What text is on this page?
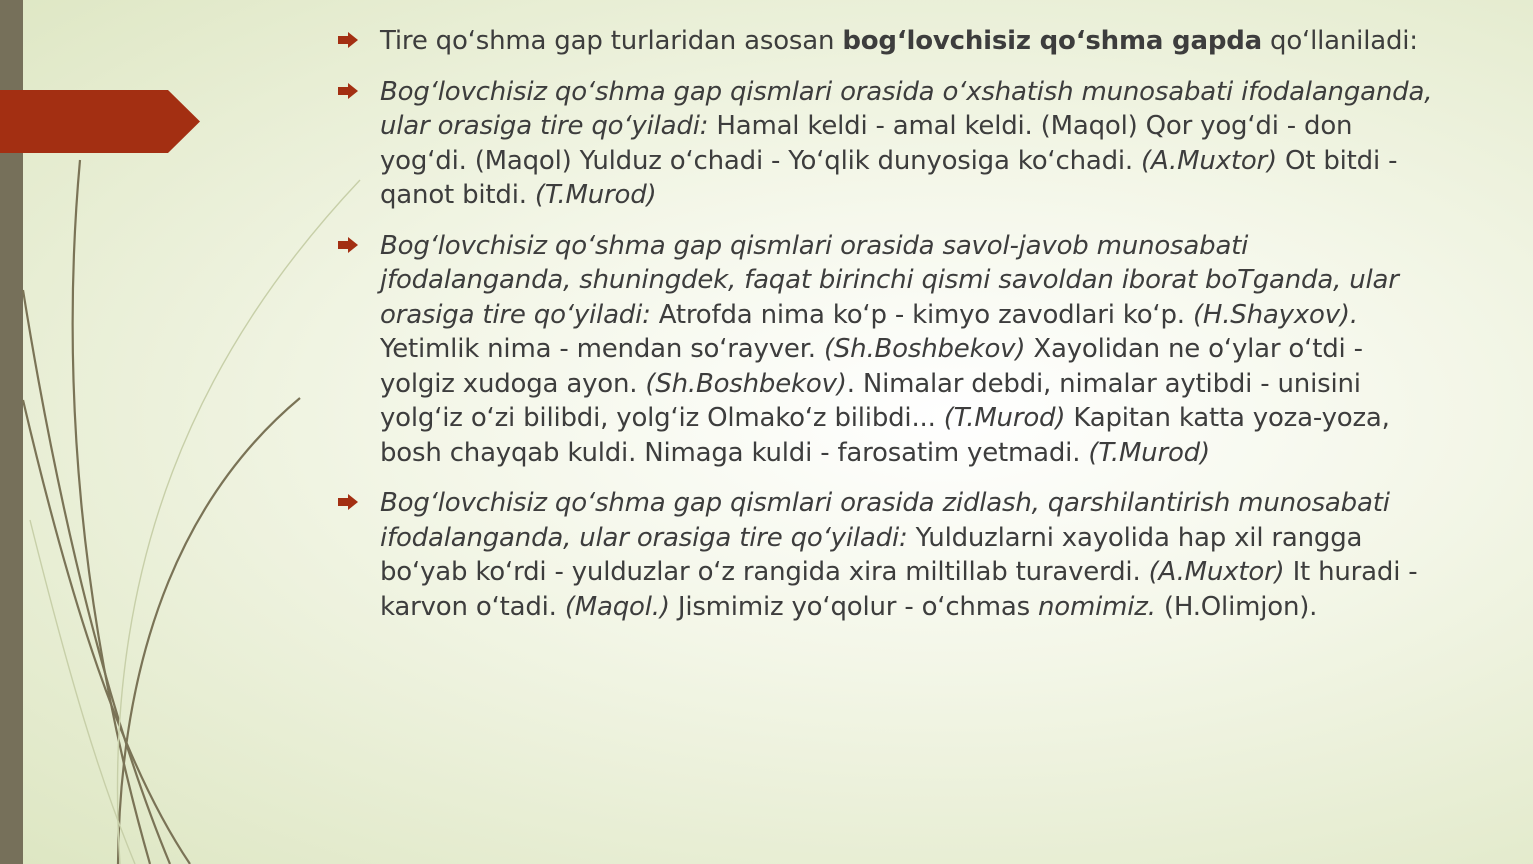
Tire qo‘shma gap turlaridan asosan bog‘lovchisiz qo‘shma gapda qo‘llaniladi:
Bog‘lovchisiz qo‘shma gap qismlari orasida o‘xshatish munosabati ifodalanganda, ular orasiga tire qo‘yiladi: Hamal keldi - amal keldi. (Maqol) Qor yog‘di - don yog‘di. (Maqol) Yulduz o‘chadi - Yo‘qlik dunyosiga ko‘chadi. (A.Muxtor) Ot bitdi - qanot bitdi. (T.Murod)
Bog‘lovchisiz qo‘shma gap qismlari orasida savol-javob munosabati jfodalanganda, shuningdek, faqat birinchi qismi savoldan iborat boTganda, ular orasiga tire qo‘yiladi: Atrofda nima ko‘p - kimyo zavodlari ko‘p. (H.Shayxov). Yetimlik nima - mendan so‘rayver. (Sh.Boshbekov) Xayolidan ne o‘ylar o‘tdi - yolgiz xudoga ayon. (Sh.Boshbekov). Nimalar debdi, nimalar aytibdi - unisini yolg‘iz o‘zi bilibdi, yolg‘iz Olmako‘z bilibdi... (T.Murod) Kapitan katta yoza-yoza, bosh chayqab kuldi. Nimaga kuldi - farosatim yetmadi. (T.Murod)
Bog‘lovchisiz qo‘shma gap qismlari orasida zidlash, qarshilantirish munosabati ifodalanganda, ular orasiga tire qo‘yiladi: Yulduzlarni xayolida hap xil rangga bo‘yab ko‘rdi - yulduzlar o‘z rangida xira miltillab turaverdi. (A.Muxtor) It huradi - karvon o‘tadi. (Maqol.) Jismimiz yo‘qolur - o‘chmas nomimiz. (H.Olimjon).
